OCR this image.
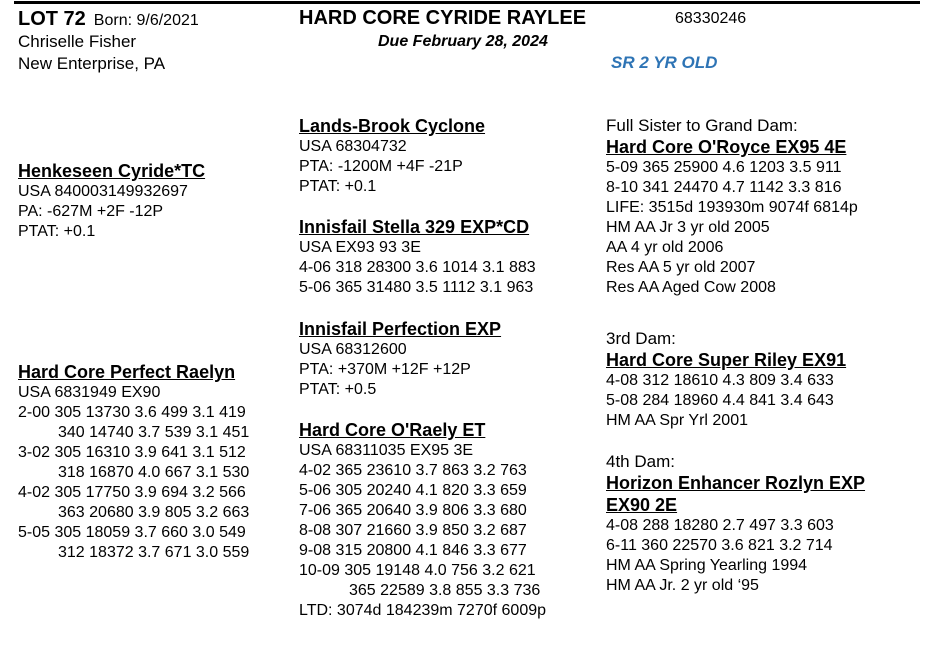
LOT 72 Born: 9/6/2021
Chriselle Fisher
New Enterprise, PA
HARD CORE CYRIDE RAYLEE	68330246
Due February 28, 2024
SR 2 YR OLD
Henkeseen Cyride*TC
USA 840003149932697
PA: -627M +2F -12P
PTAT: +0.1
Hard Core Perfect Raelyn
USA 6831949 EX90
2-00 305 13730 3.6 499 3.1 419
340 14740 3.7 539 3.1 451
3-02 305 16310 3.9 641 3.1 512
318 16870 4.0 667 3.1 530
4-02 305 17750 3.9 694 3.2 566
363 20680 3.9 805 3.2 663
5-05 305 18059 3.7 660 3.0 549
312 18372 3.7 671 3.0 559
Lands-Brook Cyclone
USA 68304732
PTA: -1200M +4F -21P
PTAT: +0.1
Innisfail Stella 329 EXP*CD
USA EX93 93 3E
4-06 318 28300 3.6 1014 3.1 883
5-06 365 31480 3.5 1112 3.1 963
Innisfail Perfection EXP
USA 68312600
PTA: +370M +12F +12P
PTAT: +0.5
Hard Core O'Raely ET
USA 68311035 EX95 3E
4-02 365 23610 3.7 863 3.2 763
5-06 305 20240 4.1 820 3.3 659
7-06 365 20640 3.9 806 3.3 680
8-08 307 21660 3.9 850 3.2 687
9-08 315 20800 4.1 846 3.3 677
10-09 305 19148 4.0 756 3.2 621
365 22589 3.8 855 3.3 736
LTD: 3074d 184239m 7270f 6009p
Full Sister to Grand Dam:
Hard Core O'Royce EX95 4E
5-09 365 25900 4.6 1203 3.5 911
8-10 341 24470 4.7 1142 3.3 816
LIFE: 3515d 193930m 9074f 6814p
HM AA Jr 3 yr old 2005
AA 4 yr old 2006
Res AA 5 yr old 2007
Res AA Aged Cow 2008
3rd Dam:
Hard Core Super Riley EX91
4-08 312 18610 4.3 809 3.4 633
5-08 284 18960 4.4 841 3.4 643
HM AA Spr Yrl 2001
4th Dam:
Horizon Enhancer Rozlyn EXP
EX90 2E
4-08 288 18280 2.7 497 3.3 603
6-11 360 22570 3.6 821 3.2 714
HM AA Spring Yearling 1994
HM AA Jr. 2 yr old ‘95
